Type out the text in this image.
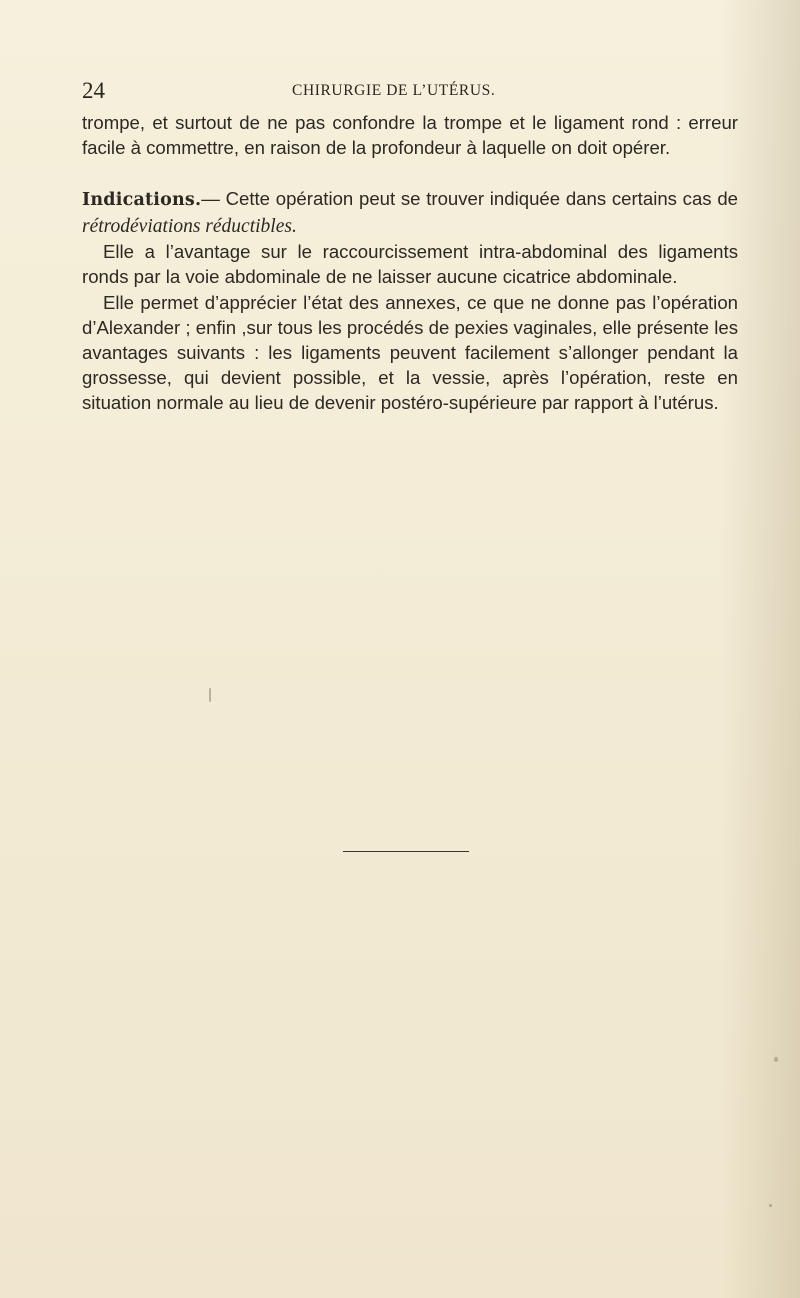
24	CHIRURGIE DE L’UTÉRUS.

trompe, et surtout de ne pas confondre la trompe et le ligament rond : erreur facile à commettre, en raison de la profondeur à laquelle on doit opérer.

Indications.— Cette opération peut se trouver indiquée dans certains cas de rétrodéviations réductibles.

Elle a l’avantage sur le raccourcissement intra-abdominal des ligaments ronds par la voie abdominale de ne laisser aucune cicatrice abdominale.

Elle permet d’apprécier l’état des annexes, ce que ne donne pas l’opération d’Alexander ; enfin ,sur tous les procédés de pexies vaginales, elle présente les avantages suivants : les ligaments peuvent facilement s’allonger pendant la grossesse, qui devient possible, et la vessie, après l’opération, reste en situation normale au lieu de devenir postéro-supérieure par rapport à l’utérus.
